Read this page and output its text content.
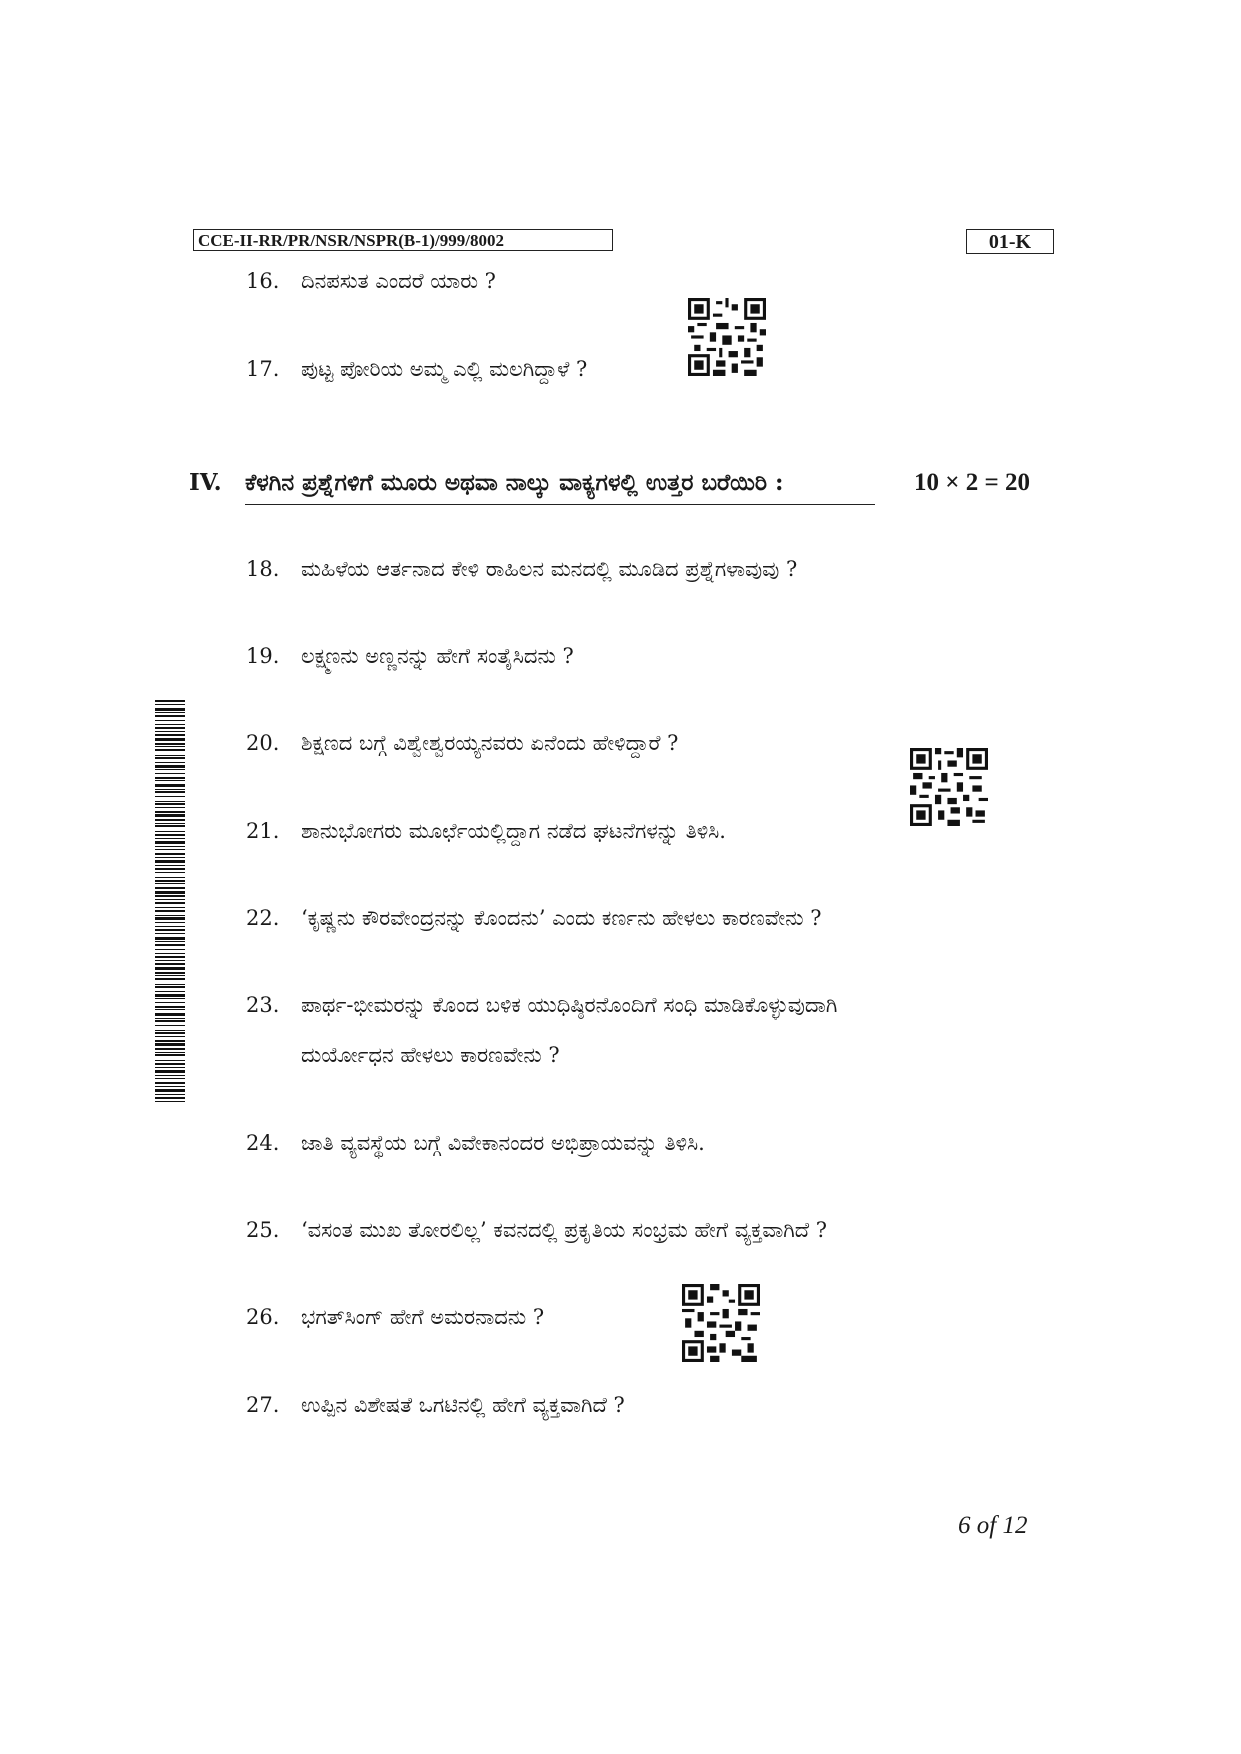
CCE-II-RR/PR/NSR/NSPR(B-1)/999/8002	01-K
16.	ದಿನಪಸುತ ಎಂದರೆ ಯಾರು ?
17.	ಪುಟ್ಟ ಪೋರಿಯ ಅಮ್ಮ ಎಲ್ಲಿ ಮಲಗಿದ್ದಾಳೆ ?
IV. ಕೆಳಗಿನ ಪ್ರಶ್ನೆಗಳಿಗೆ ಮೂರು ಅಥವಾ ನಾಲ್ಕು ವಾಕ್ಯಗಳಲ್ಲಿ ಉತ್ತರ ಬರೆಯಿರಿ :	10 × 2 = 20
18.	ಮಹಿಳೆಯ ಆರ್ತನಾದ ಕೇಳಿ ರಾಹಿಲನ ಮನದಲ್ಲಿ ಮೂಡಿದ ಪ್ರಶ್ನೆಗಳಾವುವು ?
19.	ಲಕ್ಷ್ಮಣನು ಅಣ್ಣನನ್ನು ಹೇಗೆ ಸಂತೈಸಿದನು ?
20.	ಶಿಕ್ಷಣದ ಬಗ್ಗೆ ವಿಶ್ವೇಶ್ವರಯ್ಯನವರು ಏನೆಂದು ಹೇಳಿದ್ದಾರೆ ?
21.	ಶಾನುಭೋಗರು ಮೂರ್ಛೆಯಲ್ಲಿದ್ದಾಗ ನಡೆದ ಘಟನೆಗಳನ್ನು ತಿಳಿಸಿ.
22.	‘ಕೃಷ್ಣನು ಕೌರವೇಂದ್ರನನ್ನು ಕೊಂದನು’ ಎಂದು ಕರ್ಣನು ಹೇಳಲು ಕಾರಣವೇನು ?
23.	ಪಾರ್ಥ-ಭೀಮರನ್ನು ಕೊಂದ ಬಳಿಕ ಯುಧಿಷ್ಠಿರನೊಂದಿಗೆ ಸಂಧಿ ಮಾಡಿಕೊಳ್ಳುವುದಾಗಿ
ದುರ್ಯೋಧನ ಹೇಳಲು ಕಾರಣವೇನು ?
24.	ಜಾತಿ ವ್ಯವಸ್ಥೆಯ ಬಗ್ಗೆ ವಿವೇಕಾನಂದರ ಅಭಿಪ್ರಾಯವನ್ನು ತಿಳಿಸಿ.
25.	‘ವಸಂತ ಮುಖ ತೋರಲಿಲ್ಲ’ ಕವನದಲ್ಲಿ ಪ್ರಕೃತಿಯ ಸಂಭ್ರಮ ಹೇಗೆ ವ್ಯಕ್ತವಾಗಿದೆ ?
26.	ಭಗತ್‌ಸಿಂಗ್ ಹೇಗೆ ಅಮರನಾದನು ?
27.	ಉಪ್ಪಿನ ವಿಶೇಷತೆ ಒಗಟಿನಲ್ಲಿ ಹೇಗೆ ವ್ಯಕ್ತವಾಗಿದೆ ?
6 of 12
